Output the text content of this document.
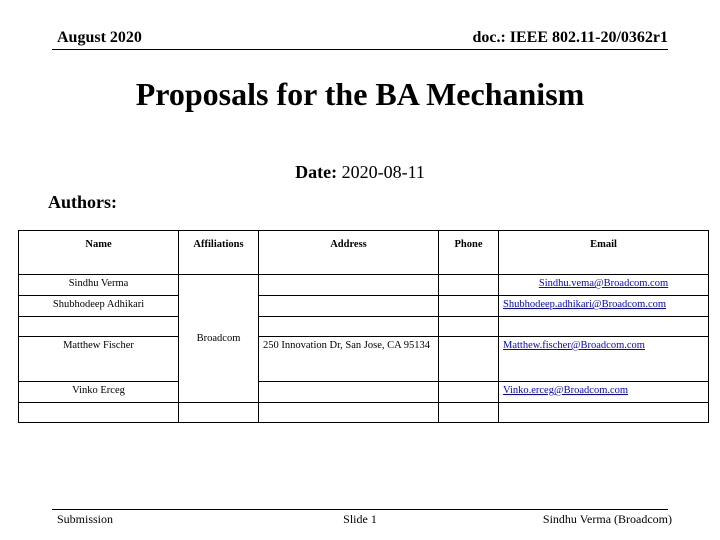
August 2020	doc.: IEEE 802.11-20/0362r1
Proposals for the BA Mechanism
Date: 2020-08-11
Authors:
Name	Affiliations	Address	Phone	Email
Sindhu Verma	Broadcom			Sindhu.vema@Broadcom.com
Shubhodeep Adhikari				Shubhodeep.adhikari@Broadcom.com

Matthew Fischer		250 Innovation Dr, San Jose, CA 95134		Matthew.fischer@Broadcom.com
Vinko Erceg				Vinko.erceg@Broadcom.com

Submission	Slide 1	Sindhu Verma (Broadcom)
